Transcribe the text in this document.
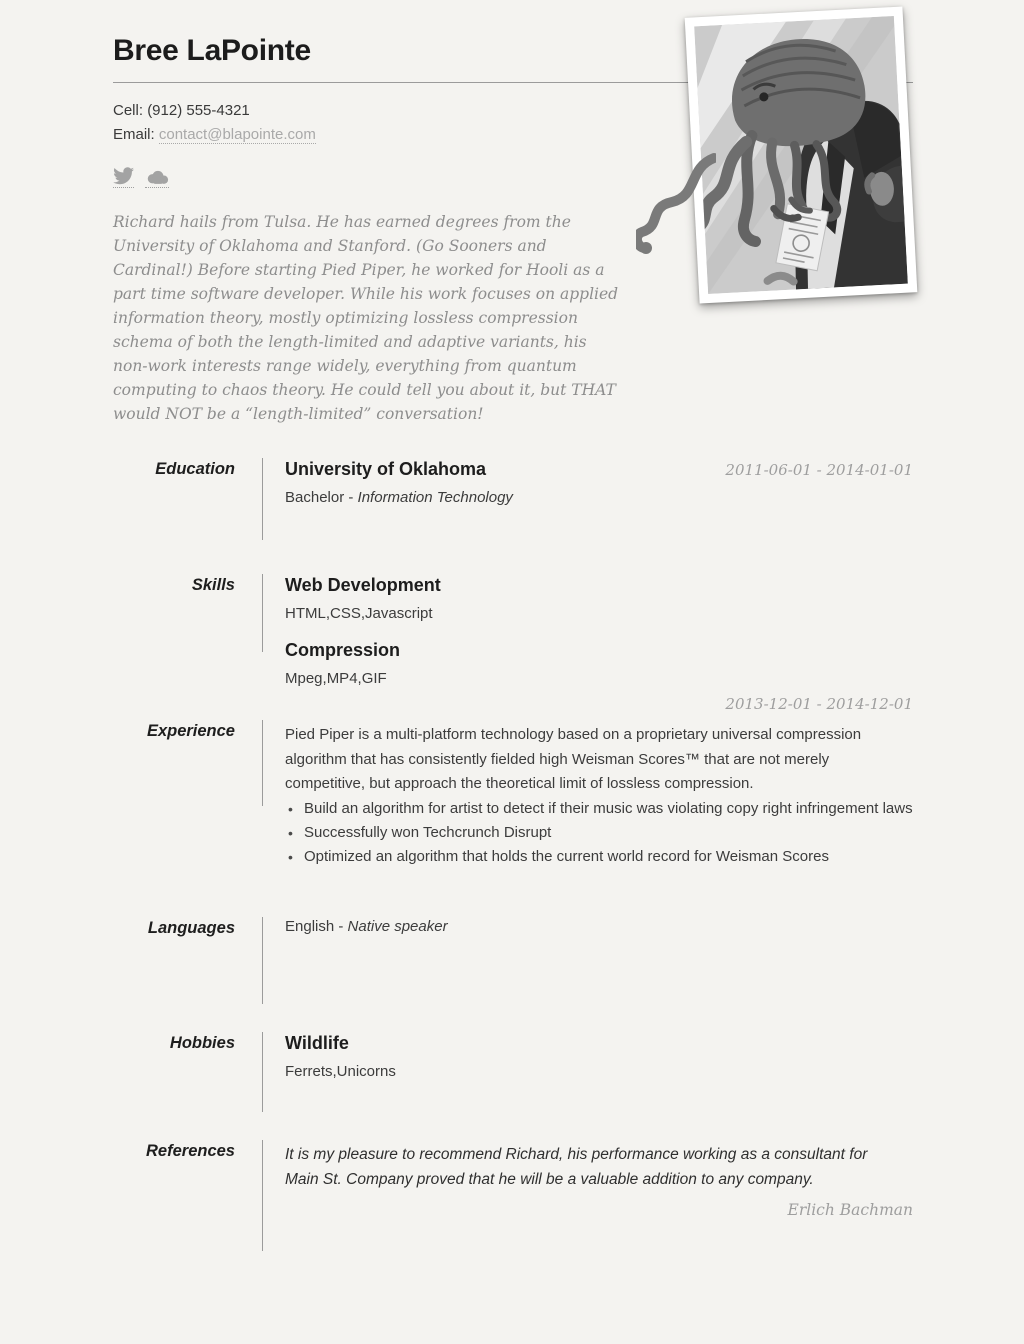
Bree LaPointe
Cell: (912) 555-4321
Email: contact@blapointe.com

Richard hails from Tulsa. He has earned degrees from the University of Oklahoma and Stanford. (Go Sooners and Cardinal!) Before starting Pied Piper, he worked for Hooli as a part time software developer. While his work focuses on applied information theory, mostly optimizing lossless compression schema of both the length-limited and adaptive variants, his non-work interests range widely, everything from quantum computing to chaos theory. He could tell you about it, but THAT would NOT be a “length-limited” conversation!

Education	University of Oklahoma	2011-06-01 - 2014-01-01
Bachelor - Information Technology
Skills	Web Development
HTML,CSS,Javascript
Compression
Mpeg,MP4,GIF
2013-12-01 - 2014-12-01
Experience	Pied Piper is a multi-platform technology based on a proprietary universal compression algorithm that has consistently fielded high Weisman Scores™ that are not merely competitive, but approach the theoretical limit of lossless compression.

• Build an algorithm for artist to detect if their music was violating copy right infringement laws
• Successfully won Techcrunch Disrupt
• Optimized an algorithm that holds the current world record for Weisman Scores
Languages	English - Native speaker
Hobbies	Wildlife
Ferrets,Unicorns
References	It is my pleasure to recommend Richard, his performance working as a consultant for Main St. Company proved that he will be a valuable addition to any company.

Erlich Bachman
